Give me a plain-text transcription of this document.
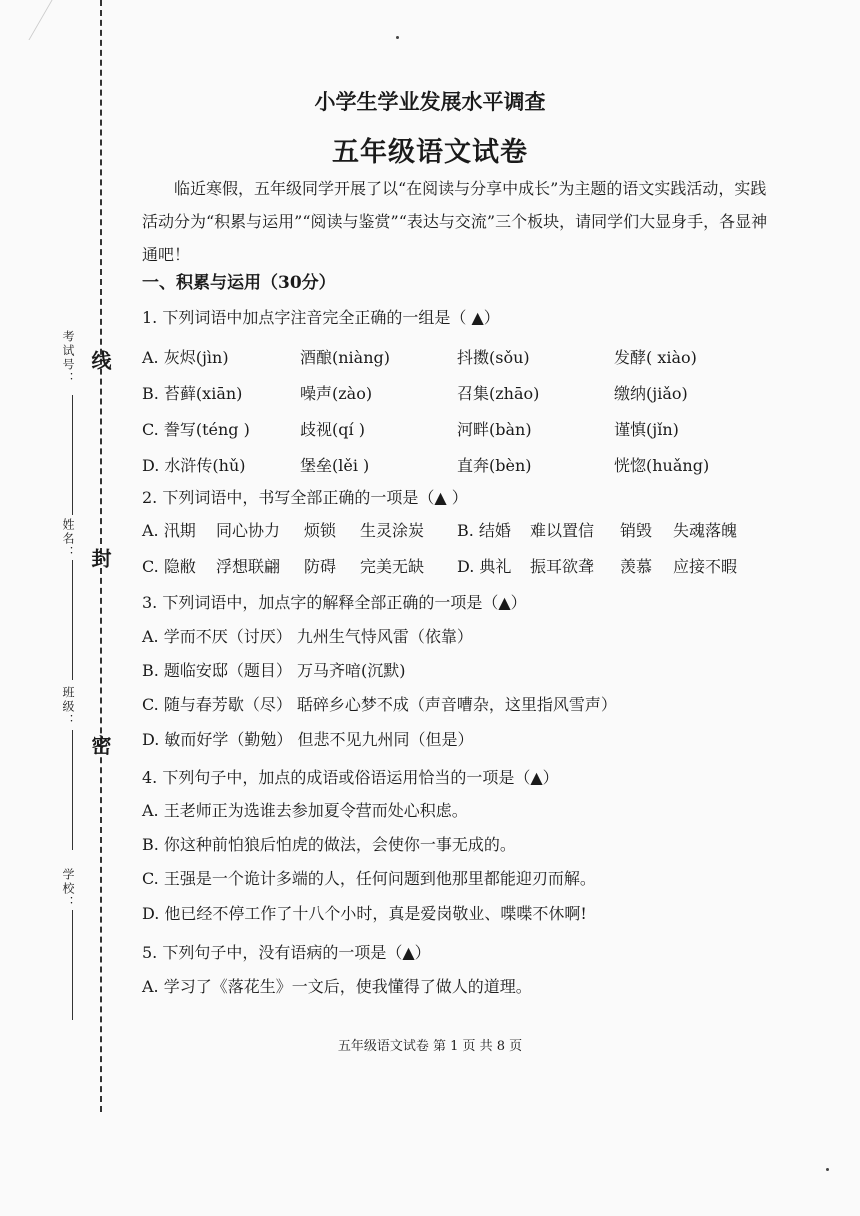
考试号： 线
姓名： 封
班级：
密
学校：
小学生学业发展水平调查
五年级语文试卷
临近寒假，五年级同学开展了以“在阅读与分享中成长”为主题的语文实践活动，实践活动分为“积累与运用”“阅读与鉴赏”“表达与交流”三个板块，请同学们大显身手，各显神通吧！
一、积累与运用（30分）
1. 下列词语中加点字注音完全正确的一组是（ ▲）
A. 灰烬(jìn)	酒酿(niàng)	抖擞(sǒu)	发酵( xiào)
B. 苔藓(xiān)	噪声(zào)	召集(zhāo)	缴纳(jiǎo)
C. 誊写(téng )	歧视(qí )	河畔(bàn)	谨慎(jǐn)
D. 水浒传(hǔ)	堡垒(lěi )	直奔(bèn)	恍惚(huǎng)
2. 下列词语中，书写全部正确的一项是（▲ ）
A. 汛期 同心协力 烦锁 生灵涂炭 B. 结婚 难以置信 销毁 失魂落魄
C. 隐敝 浮想联翩 防碍 完美无缺 D. 典礼 振耳欲聋 羡慕 应接不暇
3. 下列词语中，加点字的解释全部正确的一项是（▲）
A. 学而不厌（讨厌） 九州生气恃风雷（依靠）
B. 题临安邸（题目） 万马齐喑(沉默)
C. 随与春芳歇（尽） 聒碎乡心梦不成（声音嘈杂，这里指风雪声）
D. 敏而好学（勤勉） 但悲不见九州同（但是）
4. 下列句子中，加点的成语或俗语运用恰当的一项是（▲）
A. 王老师正为选谁去参加夏令营而处心积虑。
B. 你这种前怕狼后怕虎的做法，会使你一事无成的。
C. 王强是一个诡计多端的人，任何问题到他那里都能迎刃而解。
D. 他已经不停工作了十八个小时，真是爱岗敬业、喋喋不休啊!
5. 下列句子中，没有语病的一项是（▲）
A. 学习了《落花生》一文后，使我懂得了做人的道理。
五年级语文试卷 第 1 页 共 8 页
